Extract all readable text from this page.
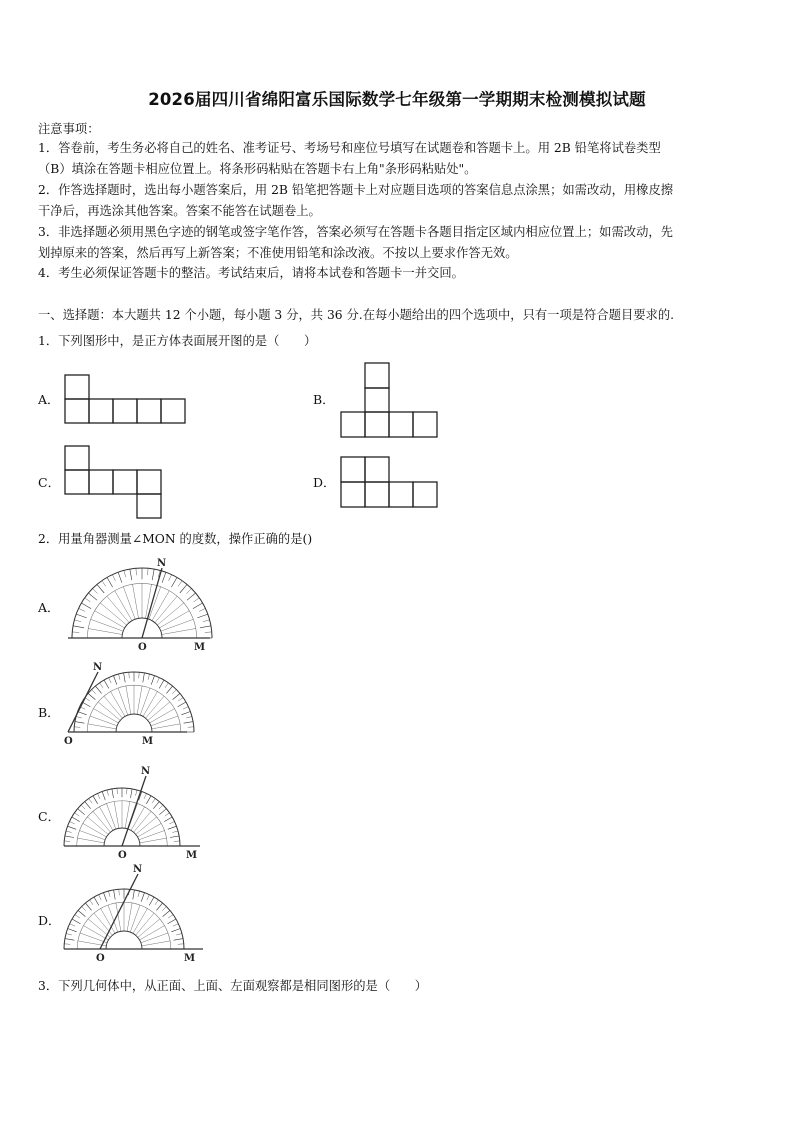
2026届四川省绵阳富乐国际数学七年级第一学期期末检测模拟试题
注意事项：
1．答卷前，考生务必将自己的姓名、准考证号、考场号和座位号填写在试题卷和答题卡上。用 2B 铅笔将试卷类型
（B）填涂在答题卡相应位置上。将条形码粘贴在答题卡右上角"条形码粘贴处"。
2．作答选择题时，选出每小题答案后，用 2B 铅笔把答题卡上对应题目选项的答案信息点涂黑；如需改动，用橡皮擦
干净后，再选涂其他答案。答案不能答在试题卷上。
3．非选择题必须用黑色字迹的钢笔或签字笔作答，答案必须写在答题卡各题目指定区域内相应位置上；如需改动，先
划掉原来的答案，然后再写上新答案；不准使用铅笔和涂改液。不按以上要求作答无效。
4．考生必须保证答题卡的整洁。考试结束后，请将本试卷和答题卡一并交回。
一、选择题：本大题共 12 个小题，每小题 3 分，共 36 分.在每小题给出的四个选项中，只有一项是符合题目要求的.
1．下列图形中，是正方体表面展开图的是（　　）
A．	B．
C．	D．
2．用量角器测量∠MON 的度数，操作正确的是()
A．
N
O	M
B．
N
O	M
C．
N
O	M
D．
N
O	M
3．下列几何体中，从正面、上面、左面观察都是相同图形的是（　　）
